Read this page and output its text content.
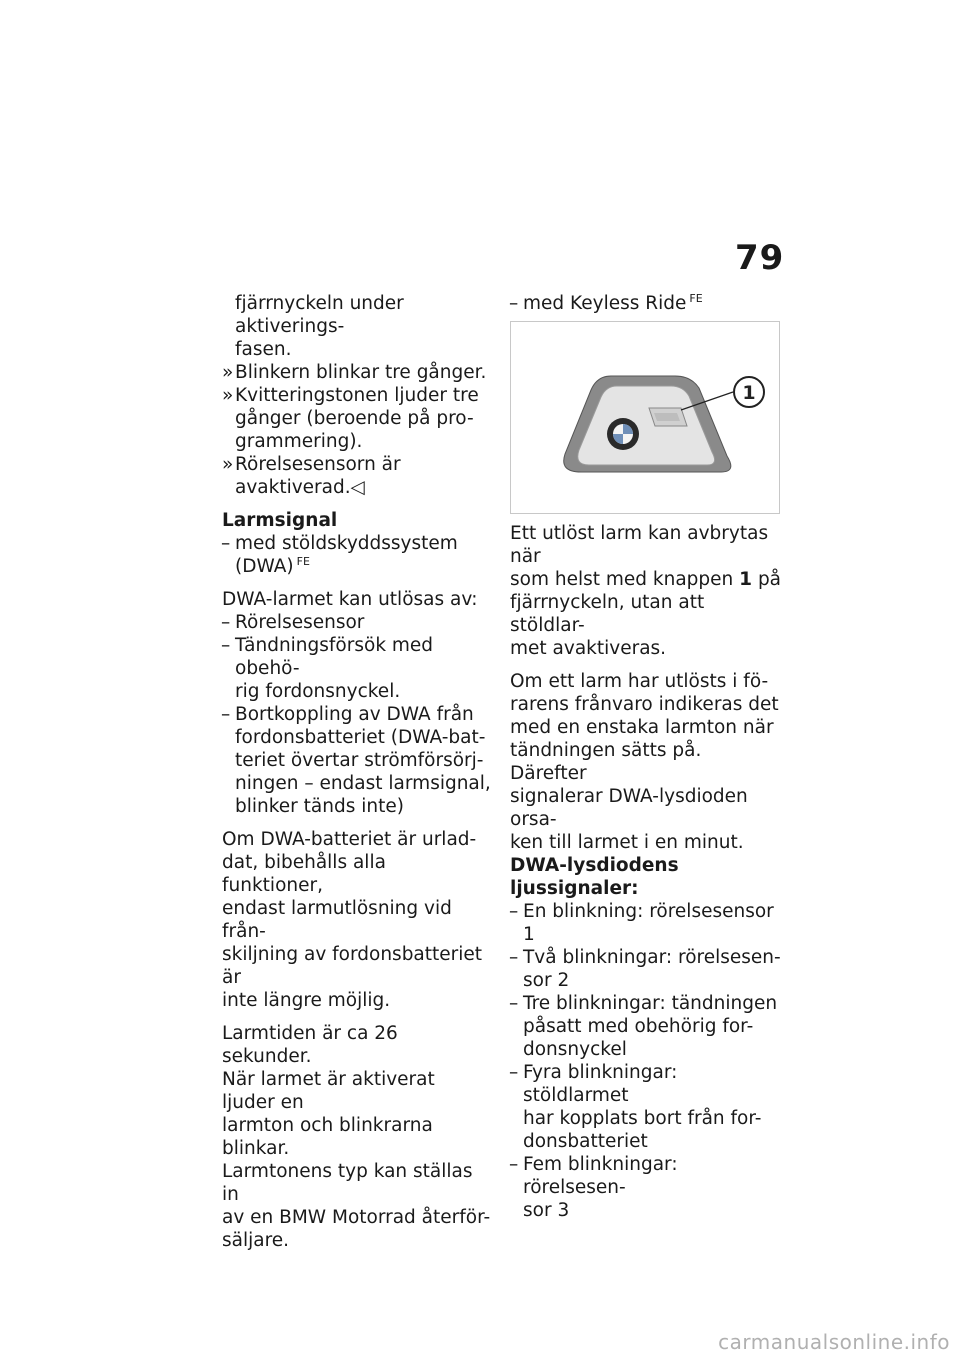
79

fjärrnyckeln under aktiverings-

fasen.

» Blinkern blinkar tre gånger.
» Kvitteringstonen ljuder tre
gånger (beroende på pro-
grammering).
» Rörelsesensorn är
avaktiverad.◁

Larmsignal

– med stöldskyddssystem
(DWA) $^{FE}$

DWA-larmet kan utlösas av:

– Rörelsesensor
– Tändningsförsök med obehö-
rig fordonsnyckel.
– Bortkoppling av DWA från
fordonsbatteriet (DWA-bat-
teriet övertar strömförsörj-
ningen – endast larmsignal,
blinker tänds inte)
Om DWA-batteriet är urlad-
dat, bibehålls alla funktioner,
endast larmutlösning vid från-
skiljning av fordonsbatteriet är
inte längre möjlig.
Larmtiden är ca 26 sekunder.
När larmet är aktiverat ljuder en
larmton och blinkrarna blinkar.
Larmtonens typ kan ställas in
av en BMW Motorrad återför-
säljare.
– med Keyless Ride $^{FE}$
1
Ett utlöst larm kan avbrytas när
som helst med knappen 1 på
fjärrnyckeln, utan att stöldlar-
met avaktiveras.
Om ett larm har utlösts i fö-
rarens frånvaro indikeras det
med en enstaka larmton när
tändningen sätts på. Därefter
signalerar DWA-lysdioden orsa-
ken till larmet i en minut.

DWA-lysdiodens ljussignaler:

– En blinkning: rörelsesensor 1
– Två blinkningar: rörelsesen-
sor 2
– Tre blinkningar: tändningen
påsatt med obehörig for-
donsnyckel
– Fyra blinkningar: stöldlarmet
har kopplats bort från for-
donsbatteriet
– Fem blinkningar: rörelsesen-
sor 3
carmanualsonline.info
